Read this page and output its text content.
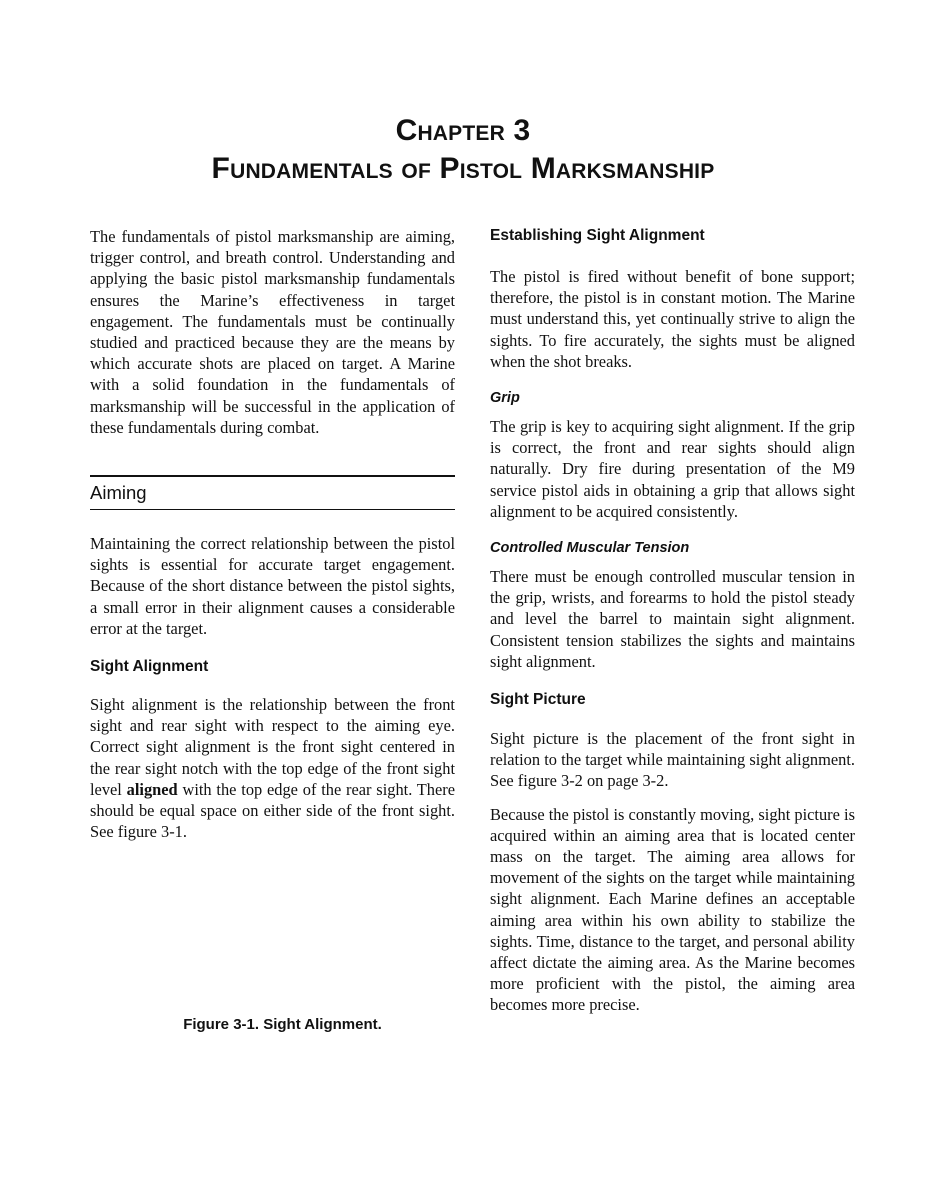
Chapter 3
Fundamentals of Pistol Marksmanship

The fundamentals of pistol marksmanship are aiming, trigger control, and breath control. Understanding and applying the basic pistol marksmanship fundamentals ensures the Marine’s effectiveness in target engagement. The fundamentals must be continually studied and practiced because they are the means by which accurate shots are placed on target. A Marine with a solid foundation in the fundamentals of marksmanship will be successful in the application of these fundamentals during combat.

Aiming

Maintaining the correct relationship between the pistol sights is essential for accurate target engagement. Because of the short distance between the pistol sights, a small error in their alignment causes a considerable error at the target.

Sight Alignment

Sight alignment is the relationship between the front sight and rear sight with respect to the aiming eye. Correct sight alignment is the front sight centered in the rear sight notch with the top edge of the front sight level aligned with the top edge of the rear sight. There should be equal space on either side of the front sight. See figure 3-1.

Figure 3-1. Sight Alignment.
Establishing Sight Alignment

The pistol is fired without benefit of bone support; therefore, the pistol is in constant motion. The Marine must understand this, yet continually strive to align the sights. To fire accurately, the sights must be aligned when the shot breaks.

Grip

The grip is key to acquiring sight alignment. If the grip is correct, the front and rear sights should align naturally. Dry fire during presentation of the M9 service pistol aids in obtaining a grip that allows sight alignment to be acquired consistently.

Controlled Muscular Tension

There must be enough controlled muscular tension in the grip, wrists, and forearms to hold the pistol steady and level the barrel to maintain sight alignment. Consistent tension stabilizes the sights and maintains sight alignment.

Sight Picture

Sight picture is the placement of the front sight in relation to the target while maintaining sight alignment. See figure 3-2 on page 3-2.

Because the pistol is constantly moving, sight picture is acquired within an aiming area that is located center mass on the target. The aiming area allows for movement of the sights on the target while maintaining sight alignment. Each Marine defines an acceptable aiming area within his own ability to stabilize the sights. Time, distance to the target, and personal ability affect dictate the aiming area. As the Marine becomes more proficient with the pistol, the aiming area becomes more precise.
